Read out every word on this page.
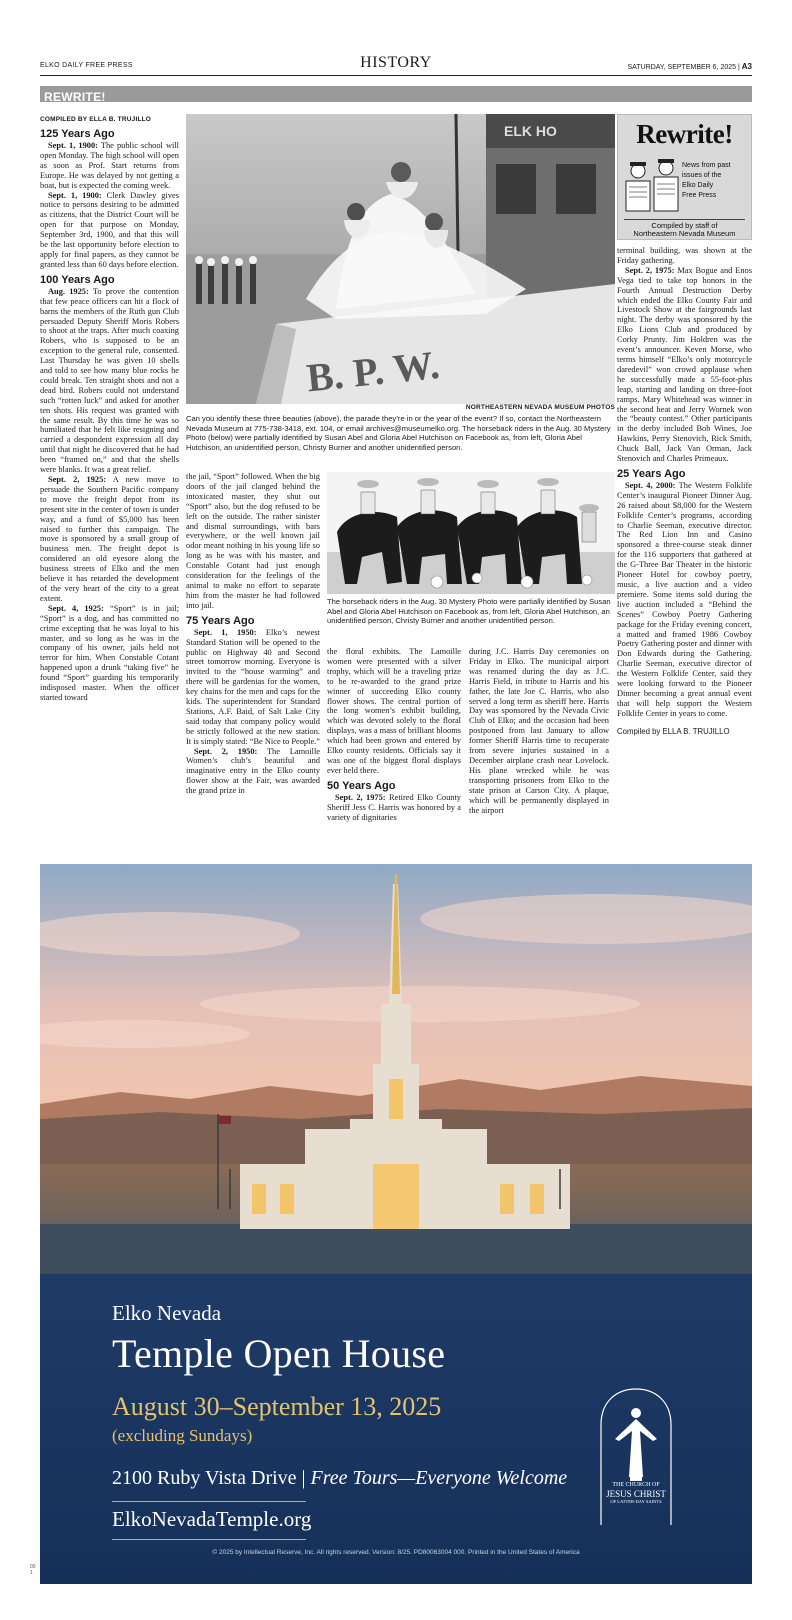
ELKO DAILY FREE PRESS	HISTORY	SATURDAY, SEPTEMBER 6, 2025 | A3
REWRITE!
COMPILED BY ELLA B. TRUJILLO
125 Years Ago

Sept. 1, 1900: The public school will open Monday. The high school will open as soon as Prof. Start returns from Europe. He was delayed by not getting a boat, but is expected the coming week.

Sept. 1, 1900: Clerk Dawley gives notice to persons desiring to be admitted as citizens, that the District Court will be open for that purpose on Monday, September 3rd, 1900, and that this will be the last opportunity before election to apply for final papers, as they cannot be granted less than 60 days before election.

100 Years Ago

Aug. 1925: To prove the contention that few peace officers can hit a flock of barns the members of the Ruth gun Club persuaded Deputy Sheriff Moris Robers to shoot at the traps. After much coaxing Robers, who is supposed to be an exception to the general rule, consented. Last Thursday he was given 10 shells and told to see how many blue rocks he could break. Ten straight shots and not a dead bird. Robers could not understand such “rotten luck” and asked for another ten shots. His request was granted with the same result. By this time he was so humiliated that he felt like resigning and carried a despondent expression all day until that night he discovered that he had been “framed on,” and that the shells were blanks. It was a great relief.

Sept. 2, 1925: A new move to persuade the Southern Pacific company to move the freight depot from its present site in the center of town is under way, and a fund of $5,000 has been raised to further this campaign. The move is sponsored by a small group of business men. The freight depot is considered an old eyesore along the business streets of Elko and the men believe it has retarded the development of the very heart of the city to a great extent.

Sept. 4, 1925: “Sport” is in jail; “Sport” is a dog, and has committed no crime excepting that he was loyal to his master, and so long as he was in the company of his owner, jails held not terror for him. When Constable Cotant happened upon a drunk “taking five” he found “Sport” guarding his temporarily indisposed master. When the officer started toward

ELK HO
B. P. W.
NORTHEASTERN NEVADA MUSEUM PHOTOS
Can you identify these three beauties (above), the parade they’re in or the year of the event? If so, contact the Northeastern Nevada Museum at 775-738-3418, ext. 104, or email archives@museumelko.org. The horseback riders in the Aug. 30 Mystery Photo (below) were partially identified by Susan Abel and Gloria Abel Hutchison on Facebook as, from left, Gloria Abel Hutchison, an unidentified person, Christy Burner and another unidentified person.

the jail, “Sport” followed. When the big doors of the jail clanged behind the intoxicated master, they shut out “Sport” also, but the dog refused to be left on the outside. The rather sinister and dismal surroundings, with bars everywhere, or the well known jail odor meant nothing in his young life so long as he was with his master, and Constable Cotant had just enough consideration for the feelings of the animal to make no effort to separate him from the master he had followed into jail.

75 Years Ago

Sept. 1, 1950: Elko’s newest Standard Station will be opened to the public on Highway 40 and Second street tomorrow morning. Everyone is invited to the “house warming” and there will be gardenias for the women, key chains for the men and caps for the kids. The superintendent for Standard Stations, A.F. Baid, of Salt Lake City said today that company policy would be strictly followed at the new station. It is simply stated: “Be Nice to People.”

Sept. 2, 1950: The Lamoille Women’s club’s beautiful and imaginative entry in the Elko county flower show at the Fair, was awarded the grand prize in

The horseback riders in the Aug. 30 Mystery Photo were partially identified by Susan Abel and Gloria Abel Hutchison on Facebook as, from left, Gloria Abel Hutchison, an unidentified person, Christy Burner and another unidentified person.

the floral exhibits. The Lamoille women were presented with a silver trophy, which will be a traveling prize to be re-awarded to the grand prize winner of succeeding Elko county flower shows. The central portion of the long women’s exhibit building, which was devoted solely to the floral displays, was a mass of brilliant blooms which had been grown and entered by Elko county residents. Officials say it was one of the biggest floral displays ever held there.

50 Years Ago

Sept. 2, 1975: Retired Elko County Sheriff Jess C. Harris was honored by a variety of dignitaries

during J.C. Harris Day ceremonies on Friday in Elko. The municipal airport was renamed during the day as J.C. Harris Field, in tribute to Harris and his father, the late Joe C. Harris, who also served a long term as sheriff here. Harris Day was sponsored by the Nevada Civic Club of Elko; and the occasion had been postponed from last January to allow former Sheriff Harris time to recuperate from severe injuries sustained in a December airplane crash near Lovelock. His plane wrecked while he was transporting prisoners from Elko to the state prison at Carson City. A plaque, which will be permanently displayed in the airport

Rewrite!
News from past
issues of the
Elko Daily
Free Press
Compiled by staff of
Northeastern Nevada Museum

terminal building, was shown at the Friday gathering.

Sept. 2, 1975: Max Bogue and Enos Vega tied to take top honors in the Fourth Annual Destruction Derby which ended the Elko County Fair and Livestock Show at the fairgrounds last night. The derby was sponsored by the Elko Lions Club and produced by Corky Prunty. Jim Holdren was the event’s announcer. Keven Morse, who terms himself “Elko’s only motorcycle daredevil” won crowd applause when he successfully made a 55-foot-plus leap, starting and landing on three-foot ramps. Mary Whitehead was winner in the second heat and Jerry Wornek won the “beauty contest.” Other participants in the derby included Bob Wines, Joe Hawkins, Perry Stenovich, Rick Smith, Chuck Ball, Jack Van Orman, Jack Stenovich and Charles Primeaux.

25 Years Ago

Sept. 4, 2000: The Western Folklife Center’s inaugural Pioneer Dinner Aug. 26 raised about $8,000 for the Western Folklife Center’s programs, according to Charlie Seeman, executive director. The Red Lion Inn and Casino sponsored a three-course steak dinner for the 116 supporters that gathered at the G-Three Bar Theater in the historic Pioneer Hotel for cowboy poetry, music, a live auction and a video premiere. Some items sold during the live auction included a “Behind the Scenes” Cowboy Poetry Gathering package for the Friday evening concert, a matted and framed 1986 Cowboy Poetry Gathering poster and dinner with Don Edwards during the Gathering. Charlie Seeman, executive director of the Western Folklife Center, said they were looking forward to the Pioneer Dinner becoming a great annual event that will help support the Western Folklife Center in years to come.

Compiled by ELLA B. TRUJILLO
Elko Nevada
Temple Open House
August 30–September 13, 2025
(excluding Sundays)
2100 Ruby Vista Drive | Free Tours—Everyone Welcome
ElkoNevadaTemple.org
THE CHURCH OF
JESUS CHRIST
OF LATTER-DAY SAINTS
© 2025 by Intellectual Reserve, Inc. All rights reserved. Version: 8/25. PD80063004 000. Printed in the United States of America
00
1
